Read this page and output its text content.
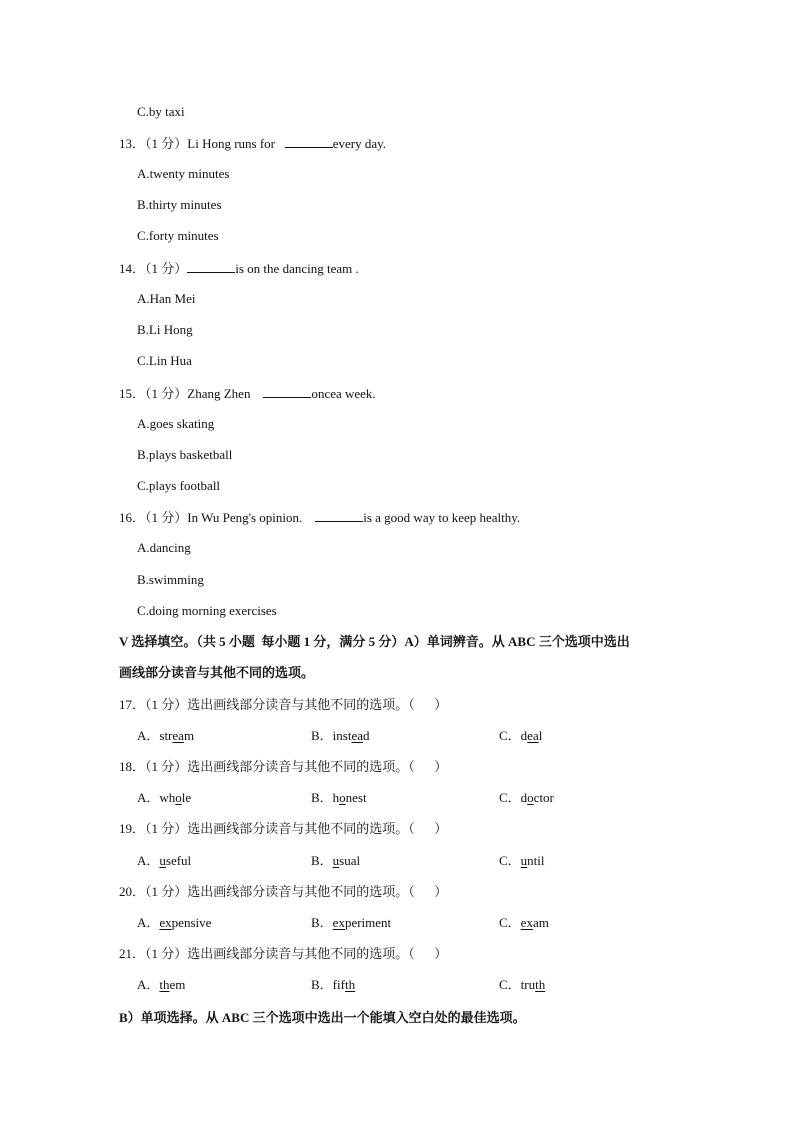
C.by taxi
13．（1 分）Li Hong runs for	every day.
A.twenty minutes
B.thirty minutes
C.forty minutes
14．（1 分）	is on the dancing team .
A.Han Mei
B.Li Hong
C.Lin Hua
15．（1 分）Zhang Zhen	oncea week.
A.goes skating
B.plays basketball
C.plays football
16．（1 分）In Wu Peng's opinion.	is a good way to keep healthy.
A.dancing
B.swimming
C.doing morning exercises
V 选择填空。（共 5 小题  每小题 1 分，满分 5 分）A）单词辨音。从 ABC 三个选项中选出
画线部分读音与其他不同的选项。
17．（1 分）选出画线部分读音与其他不同的选项。（      ）
A．stream	B．instead	C．deal
18．（1 分）选出画线部分读音与其他不同的选项。（      ）
A．whole	B．honest	C．doctor
19．（1 分）选出画线部分读音与其他不同的选项。（      ）
A．useful	B．usual	C．until
20．（1 分）选出画线部分读音与其他不同的选项。（      ）
A．expensive	B．experiment	C．exam
21．（1 分）选出画线部分读音与其他不同的选项。（      ）
A．them	B．fifth	C．truth
B）单项选择。从 ABC 三个选项中选出一个能填入空白处的最佳选项。
